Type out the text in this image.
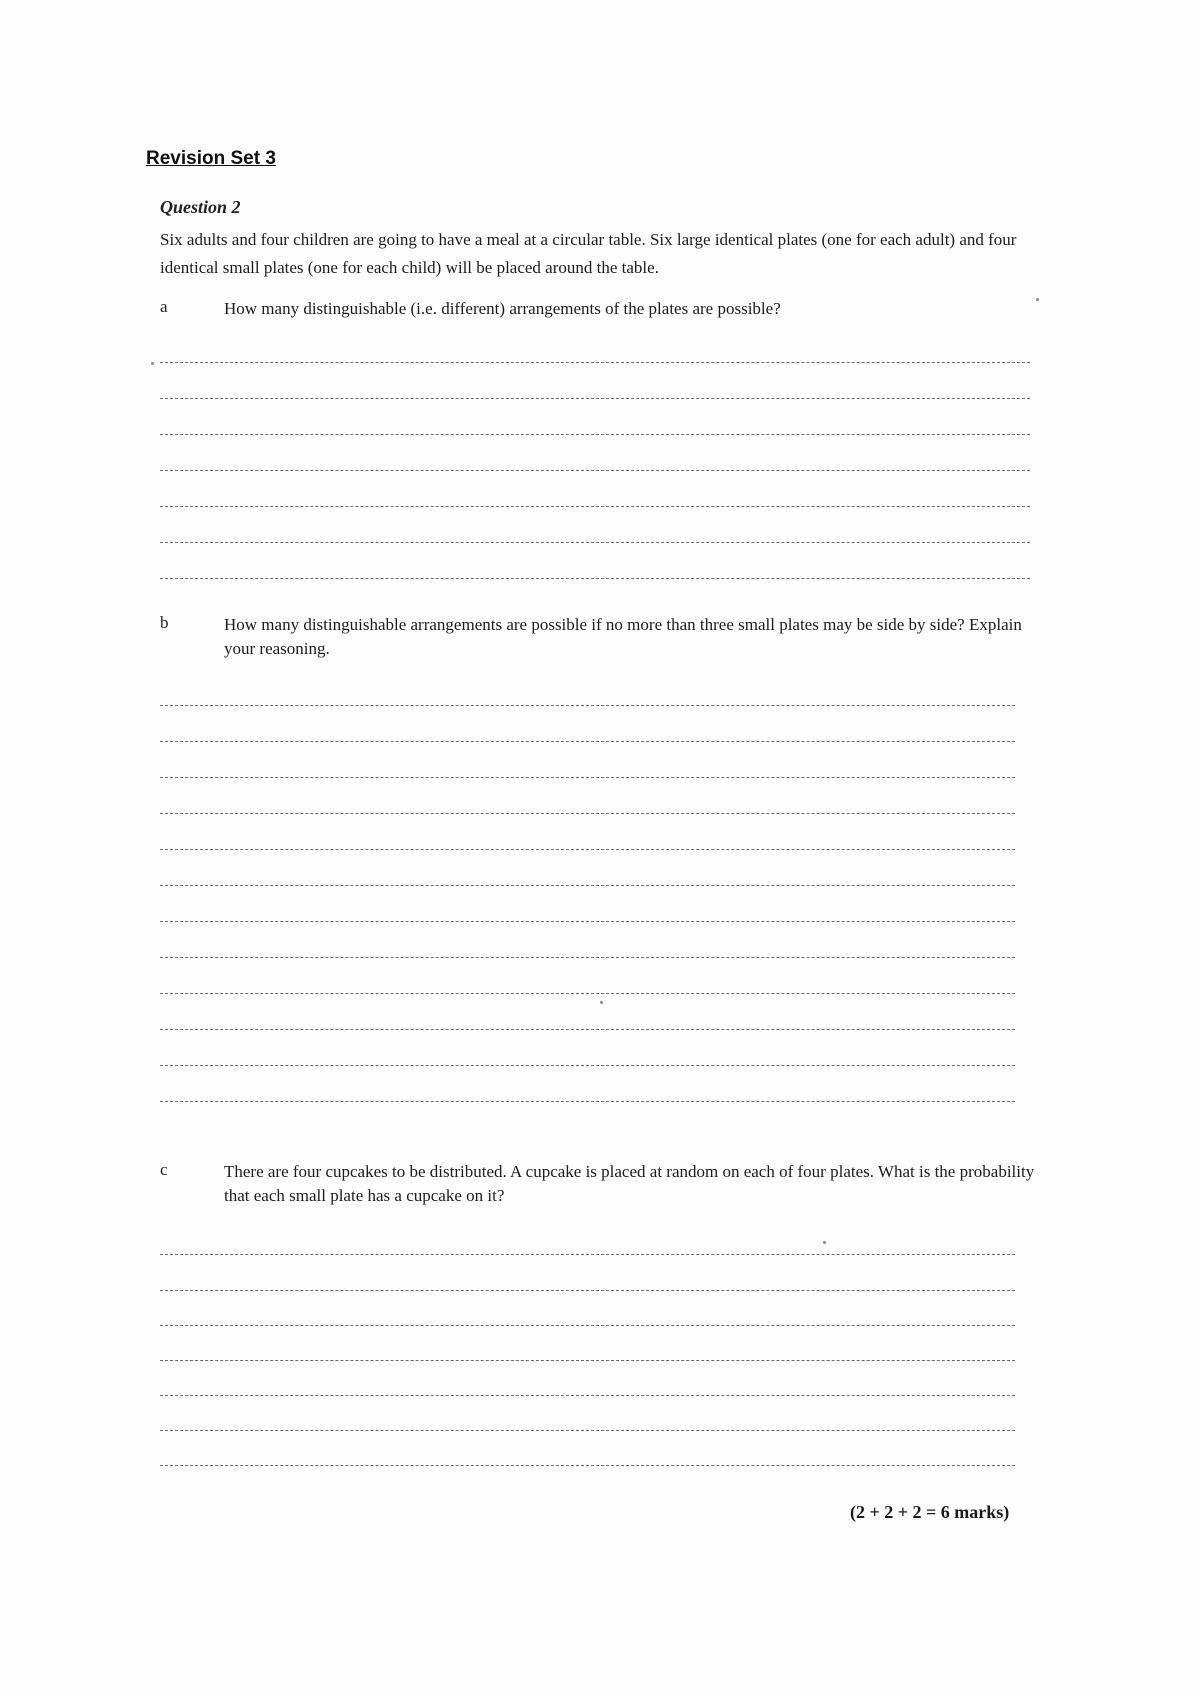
Revision Set 3
Question 2
Six adults and four children are going to have a meal at a circular table. Six large identical plates (one for each adult) and four identical small plates (one for each child) will be placed around the table.
a	How many distinguishable (i.e. different) arrangements of the plates are possible?
b	How many distinguishable arrangements are possible if no more than three small plates may be side by side? Explain your reasoning.
c	There are four cupcakes to be distributed. A cupcake is placed at random on each of four plates. What is the probability that each small plate has a cupcake on it?
(2 + 2 + 2 = 6 marks)
